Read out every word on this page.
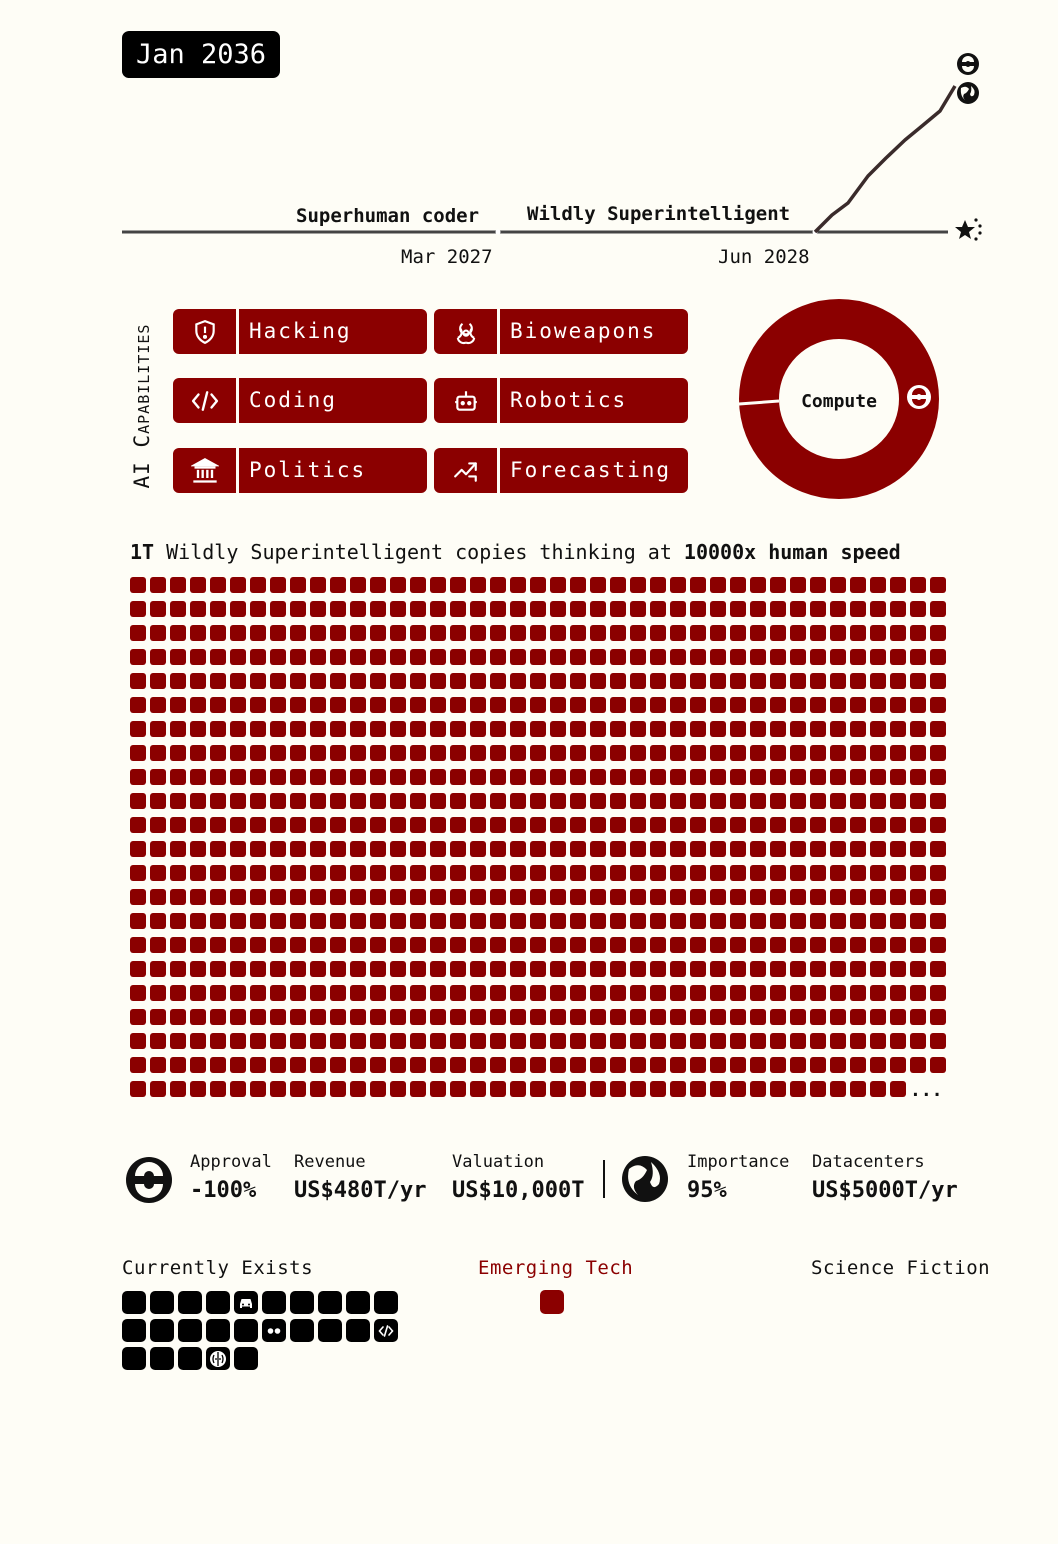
Jan 2036
Superhuman coder	Wildly Superintelligent
Mar 2027	Jun 2028
AI Capabilities	Hacking	Bioweapons
Coding	Robotics
Politics	Forecasting
Compute
1T Wildly Superintelligent copies thinking at 10000x human speed
...
Approval
-100%
Revenue
US$480T/yr
Valuation
US$10,000T
Importance
95%
Datacenters
US$5000T/yr
Currently Exists	Emerging Tech	Science Fiction
